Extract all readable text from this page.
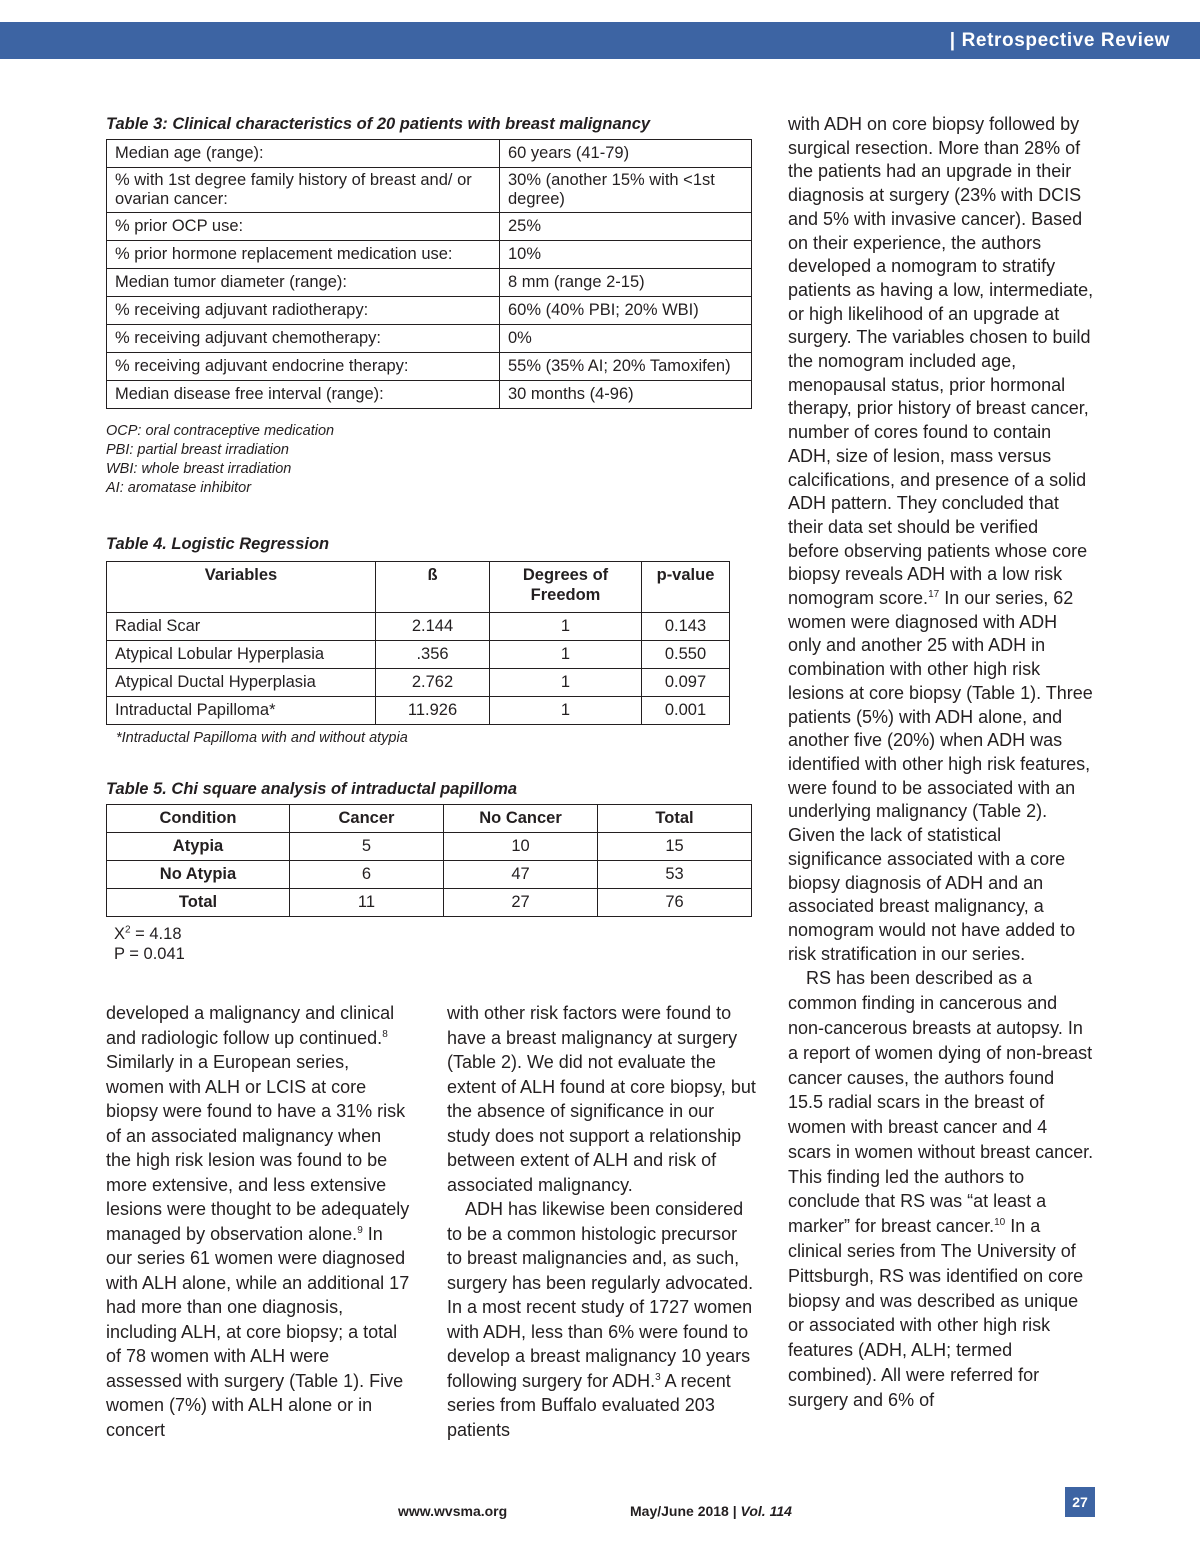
| Retrospective Review
Table 3: Clinical characteristics of 20 patients with breast malignancy
Median age (range):	60 years (41-79)
% with 1st degree family history of breast and/ or ovarian cancer:	30% (another 15% with <1st degree)
% prior OCP use:	25%
% prior hormone replacement medication use:	10%
Median tumor diameter (range):	8 mm (range 2-15)
% receiving adjuvant radiotherapy:	60% (40% PBI; 20% WBI)
% receiving adjuvant chemotherapy:	0%
% receiving adjuvant endocrine therapy:	55% (35% AI; 20% Tamoxifen)
Median disease free interval (range):	30 months (4-96)
OCP: oral contraceptive medication
PBI: partial breast irradiation
WBI: whole breast irradiation
AI: aromatase inhibitor
Table 4. Logistic Regression
Variables	ß	Degrees of Freedom	p-value
Radial Scar	2.144	1	0.143
Atypical Lobular Hyperplasia	.356	1	0.550
Atypical Ductal Hyperplasia	2.762	1	0.097
Intraductal Papilloma*	11.926	1	0.001
*Intraductal Papilloma with and without atypia
Table 5. Chi square analysis of intraductal papilloma
Condition	Cancer	No Cancer	Total
Atypia	5	10	15
No Atypia	6	47	53
Total	11	27	76
$X^2 = 4.18$
P = 0.041

developed a malignancy and clinical and radiologic follow up continued.$^8$ Similarly in a European series, women with ALH or LCIS at core biopsy were found to have a 31% risk of an associated malignancy when the high risk lesion was found to be more extensive, and less extensive lesions were thought to be adequately managed by observation alone.$^9$ In our series 61 women were diagnosed with ALH alone, while an additional 17 had more than one diagnosis, including ALH, at core biopsy; a total of 78 women with ALH were assessed with surgery (Table 1). Five women (7%) with ALH alone or in concert

with other risk factors were found to have a breast malignancy at surgery (Table 2). We did not evaluate the extent of ALH found at core biopsy, but the absence of significance in our study does not support a relationship between extent of ALH and risk of associated malignancy.

ADH has likewise been considered to be a common histologic precursor to breast malignancies and, as such, surgery has been regularly advocated. In a most recent study of 1727 women with ADH, less than 6% were found to develop a breast malignancy 10 years following surgery for ADH.$^3$ A recent series from Buffalo evaluated 203 patients

with ADH on core biopsy followed by surgical resection. More than 28% of the patients had an upgrade in their diagnosis at surgery (23% with DCIS and 5% with invasive cancer). Based on their experience, the authors developed a nomogram to stratify patients as having a low, intermediate, or high likelihood of an upgrade at surgery. The variables chosen to build the nomogram included age, menopausal status, prior hormonal therapy, prior history of breast cancer, number of cores found to contain ADH, size of lesion, mass versus calcifications, and presence of a solid ADH pattern. They concluded that their data set should be verified before observing patients whose core biopsy reveals ADH with a low risk nomogram score.$^{17}$ In our series, 62 women were diagnosed with ADH only and another 25 with ADH in combination with other high risk lesions at core biopsy (Table 1). Three patients (5%) with ADH alone, and another five (20%) when ADH was identified with other high risk features, were found to be associated with an underlying malignancy (Table 2). Given the lack of statistical significance associated with a core biopsy diagnosis of ADH and an associated breast malignancy, a nomogram would not have added to risk stratification in our series.

RS has been described as a common finding in cancerous and non-cancerous breasts at autopsy. In a report of women dying of non-breast cancer causes, the authors found 15.5 radial scars in the breast of women with breast cancer and 4 scars in women without breast cancer. This finding led the authors to conclude that RS was “at least a marker” for breast cancer.$^{10}$ In a clinical series from The University of Pittsburgh, RS was identified on core biopsy and was described as unique or associated with other high risk features (ADH, ALH; termed combined). All were referred for surgery and 6% of

www.wvsma.org	May/June 2018 | Vol. 114
27
